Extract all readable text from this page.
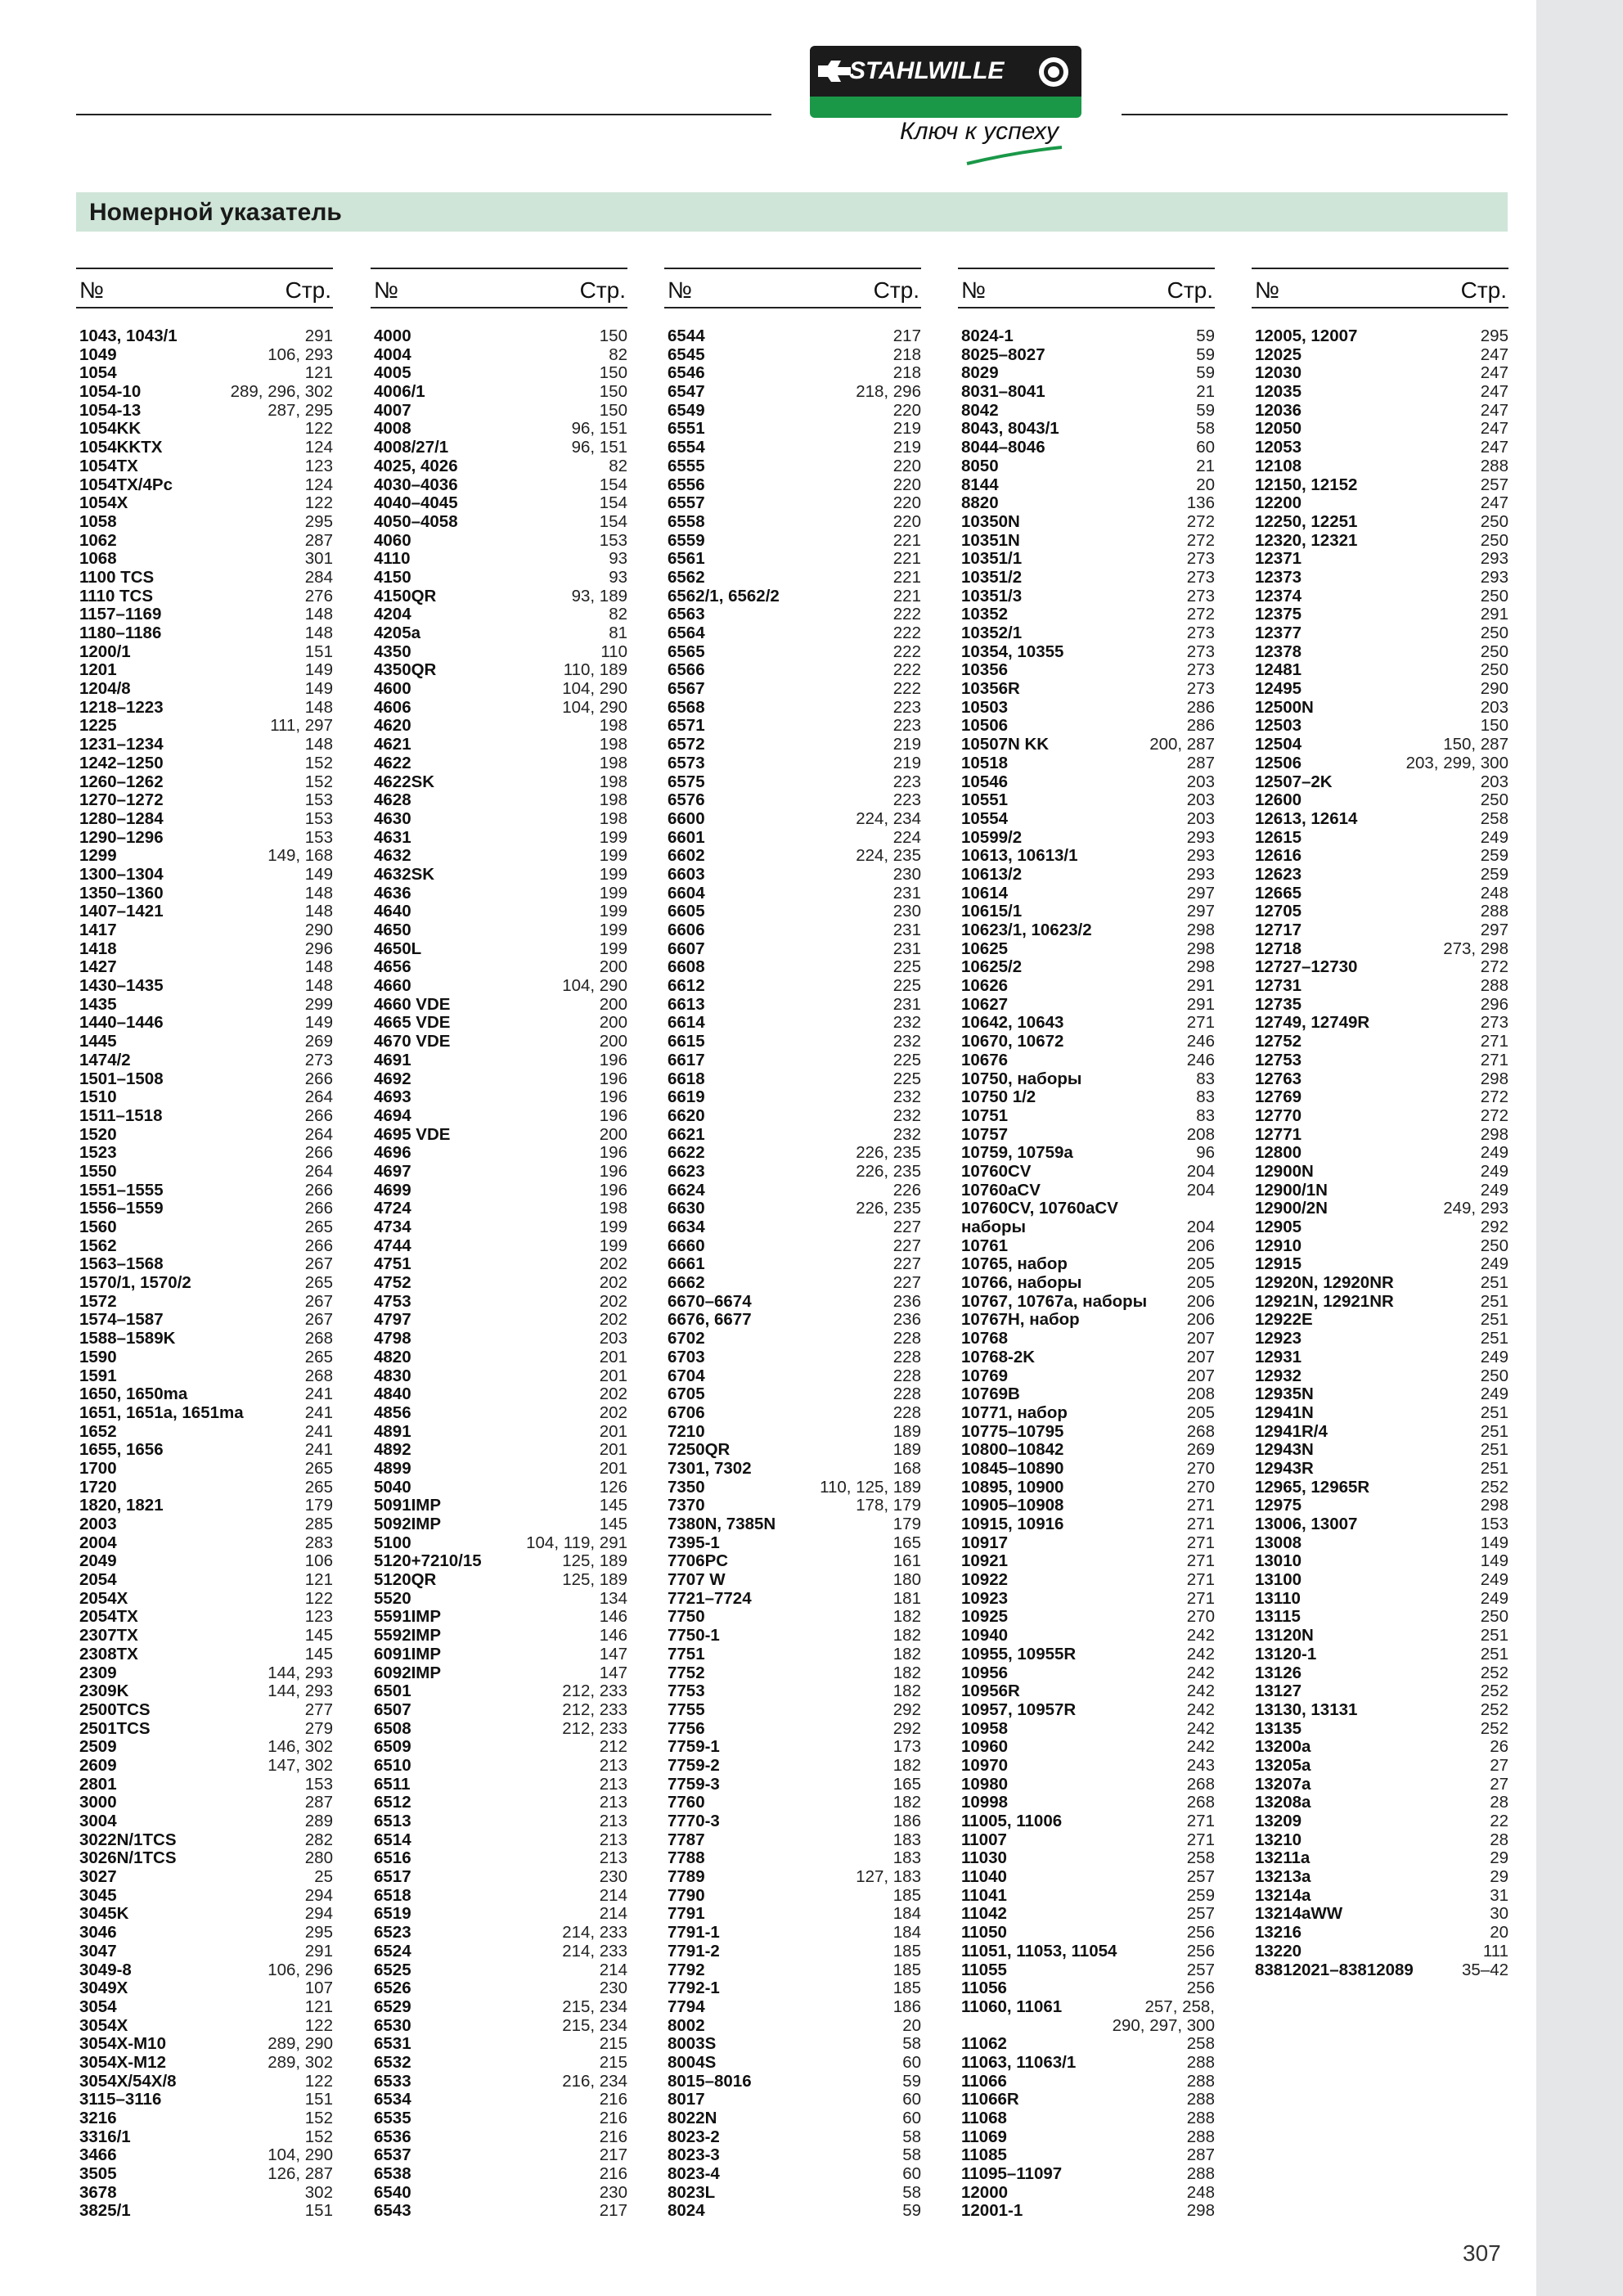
STAHLWILLE
Ключ к успеху
Номерной указатель
№	Стр.
1043, 1043/1	291
1049	106, 293
1054	121
1054-10	289, 296, 302
1054-13	287, 295
1054KK	122
1054KKTX	124
1054TX	123
1054TX/4Pc	124
1054X	122
1058	295
1062	287
1068	301
1100 TCS	284
1110 TCS	276
1157–1169	148
1180–1186	148
1200/1	151
1201	149
1204/8	149
1218–1223	148
1225	111, 297
1231–1234	148
1242–1250	152
1260–1262	152
1270–1272	153
1280–1284	153
1290–1296	153
1299	149, 168
1300–1304	149
1350–1360	148
1407–1421	148
1417	290
1418	296
1427	148
1430–1435	148
1435	299
1440–1446	149
1445	269
1474/2	273
1501–1508	266
1510	264
1511–1518	266
1520	264
1523	266
1550	264
1551–1555	266
1556–1559	266
1560	265
1562	266
1563–1568	267
1570/1, 1570/2	265
1572	267
1574–1587	267
1588–1589K	268
1590	265
1591	268
1650, 1650ma	241
1651, 1651a, 1651ma	241
1652	241
1655, 1656	241
1700	265
1720	265
1820, 1821	179
2003	285
2004	283
2049	106
2054	121
2054X	122
2054TX	123
2307TX	145
2308TX	145
2309	144, 293
2309K	144, 293
2500TCS	277
2501TCS	279
2509	146, 302
2609	147, 302
2801	153
3000	287
3004	289
3022N/1TCS	282
3026N/1TCS	280
3027	25
3045	294
3045K	294
3046	295
3047	291
3049-8	106, 296
3049X	107
3054	121
3054X	122
3054X-M10	289, 290
3054X-M12	289, 302
3054X/54X/8	122
3115–3116	151
3216	152
3316/1	152
3466	104, 290
3505	126, 287
3678	302
3825/1	151
№	Стр.
4000	150
4004	82
4005	150
4006/1	150
4007	150
4008	96, 151
4008/27/1	96, 151
4025, 4026	82
4030–4036	154
4040–4045	154
4050–4058	154
4060	153
4110	93
4150	93
4150QR	93, 189
4204	82
4205a	81
4350	110
4350QR	110, 189
4600	104, 290
4606	104, 290
4620	198
4621	198
4622	198
4622SK	198
4628	198
4630	198
4631	199
4632	199
4632SK	199
4636	199
4640	199
4650	199
4650L	199
4656	200
4660	104, 290
4660 VDE	200
4665 VDE	200
4670 VDE	200
4691	196
4692	196
4693	196
4694	196
4695 VDE	200
4696	196
4697	196
4699	196
4724	198
4734	199
4744	199
4751	202
4752	202
4753	202
4797	202
4798	203
4820	201
4830	201
4840	202
4856	202
4891	201
4892	201
4899	201
5040	126
5091IMP	145
5092IMP	145
5100	104, 119, 291
5120+7210/15	125, 189
5120QR	125, 189
5520	134
5591IMP	146
5592IMP	146
6091IMP	147
6092IMP	147
6501	212, 233
6507	212, 233
6508	212, 233
6509	212
6510	213
6511	213
6512	213
6513	213
6514	213
6516	213
6517	230
6518	214
6519	214
6523	214, 233
6524	214, 233
6525	214
6526	230
6529	215, 234
6530	215, 234
6531	215
6532	215
6533	216, 234
6534	216
6535	216
6536	216
6537	217
6538	216
6540	230
6543	217
№	Стр.
6544	217
6545	218
6546	218
6547	218, 296
6549	220
6551	219
6554	219
6555	220
6556	220
6557	220
6558	220
6559	221
6561	221
6562	221
6562/1, 6562/2	221
6563	222
6564	222
6565	222
6566	222
6567	222
6568	223
6571	223
6572	219
6573	219
6575	223
6576	223
6600	224, 234
6601	224
6602	224, 235
6603	230
6604	231
6605	230
6606	231
6607	231
6608	225
6612	225
6613	231
6614	232
6615	232
6617	225
6618	225
6619	232
6620	232
6621	232
6622	226, 235
6623	226, 235
6624	226
6630	226, 235
6634	227
6660	227
6661	227
6662	227
6670–6674	236
6676, 6677	236
6702	228
6703	228
6704	228
6705	228
6706	228
7210	189
7250QR	189
7301, 7302	168
7350	110, 125, 189
7370	178, 179
7380N, 7385N	179
7395-1	165
7706PC	161
7707 W	180
7721–7724	181
7750	182
7750-1	182
7751	182
7752	182
7753	182
7755	292
7756	292
7759-1	173
7759-2	182
7759-3	165
7760	182
7770-3	186
7787	183
7788	183
7789	127, 183
7790	185
7791	184
7791-1	184
7791-2	185
7792	185
7792-1	185
7794	186
8002	20
8003S	58
8004S	60
8015–8016	59
8017	60
8022N	60
8023-2	58
8023-3	58
8023-4	60
8023L	58
8024	59
№	Стр.
8024-1	59
8025–8027	59
8029	59
8031–8041	21
8042	59
8043, 8043/1	58
8044–8046	60
8050	21
8144	20
8820	136
10350N	272
10351N	272
10351/1	273
10351/2	273
10351/3	273
10352	272
10352/1	273
10354, 10355	273
10356	273
10356R	273
10503	286
10506	286
10507N KK	200, 287
10518	287
10546	203
10551	203
10554	203
10599/2	293
10613, 10613/1	293
10613/2	293
10614	297
10615/1	297
10623/1, 10623/2	298
10625	298
10625/2	298
10626	291
10627	291
10642, 10643	271
10670, 10672	246
10676	246
10750, наборы	83
10750 1/2	83
10751	83
10757	208
10759, 10759a	96
10760CV	204
10760aCV	204
10760CV, 10760aCV
наборы	204
10761	206
10765, набор	205
10766, наборы	205
10767, 10767a, наборы 206
10767H, набор	206
10768	207
10768-2K	207
10769	207
10769B	208
10771, набор	205
10775–10795	268
10800–10842	269
10845–10890	270
10895, 10900	270
10905–10908	271
10915, 10916	271
10917	271
10921	271
10922	271
10923	271
10925	270
10940	242
10955, 10955R	242
10956	242
10956R	242
10957, 10957R	242
10958	242
10960	242
10970	243
10980	268
10998	268
11005, 11006	271
11007	271
11030	258
11040	257
11041	259
11042	257
11050	256
11051, 11053, 11054	256
11055	257
11056	256
11060, 11061	257, 258,
290, 297, 300
11062	258
11063, 11063/1	288
11066	288
11066R	288
11068	288
11069	288
11085	287
11095–11097	288
12000	248
12001-1	298
№	Стр.
12005, 12007	295
12025	247
12030	247
12035	247
12036	247
12050	247
12053	247
12108	288
12150, 12152	257
12200	247
12250, 12251	250
12320, 12321	250
12371	293
12373	293
12374	250
12375	291
12377	250
12378	250
12481	250
12495	290
12500N	203
12503	150
12504	150, 287
12506	203, 299, 300
12507–2K	203
12600	250
12613, 12614	258
12615	249
12616	259
12623	259
12665	248
12705	288
12717	297
12718	273, 298
12727–12730	272
12731	288
12735	296
12749, 12749R	273
12752	271
12753	271
12763	298
12769	272
12770	272
12771	298
12800	249
12900N	249
12900/1N	249
12900/2N	249, 293
12905	292
12910	250
12915	249
12920N, 12920NR	251
12921N, 12921NR	251
12922E	251
12923	251
12931	249
12932	250
12935N	249
12941N	251
12941R/4	251
12943N	251
12943R	251
12965, 12965R	252
12975	298
13006, 13007	153
13008	149
13010	149
13100	249
13110	249
13115	250
13120N	251
13120-1	251
13126	252
13127	252
13130, 13131	252
13135	252
13200a	26
13205a	27
13207a	27
13208a	28
13209	22
13210	28
13211a	29
13213a	29
13214a	31
13214aWW	30
13216	20
13220	111
83812021–83812089	35–42
307
